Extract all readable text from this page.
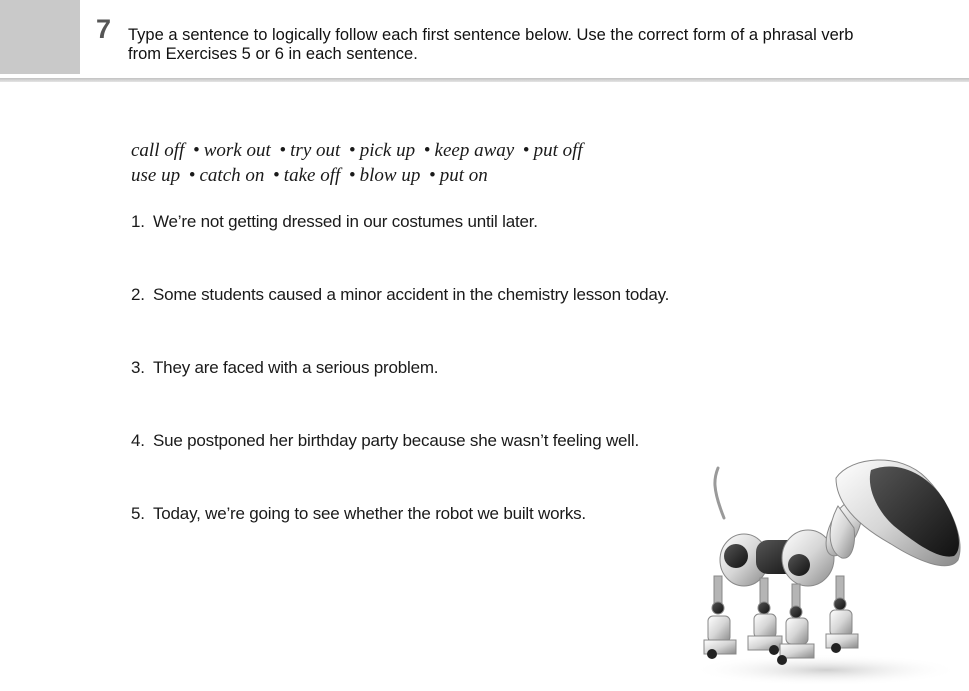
7 Type a sentence to logically follow each first sentence below. Use the correct form of a phrasal verb
from Exercises 5 or 6 in each sentence.
call off • work out • try out • pick up • keep away • put off
use up • catch on • take off • blow up • put on
1. We’re not getting dressed in our costumes until later.
2. Some students caused a minor accident in the chemistry lesson today.
3. They are faced with a serious problem.
4. Sue postponed her birthday party because she wasn’t feeling well.
5. Today, we’re going to see whether the robot we built works.
